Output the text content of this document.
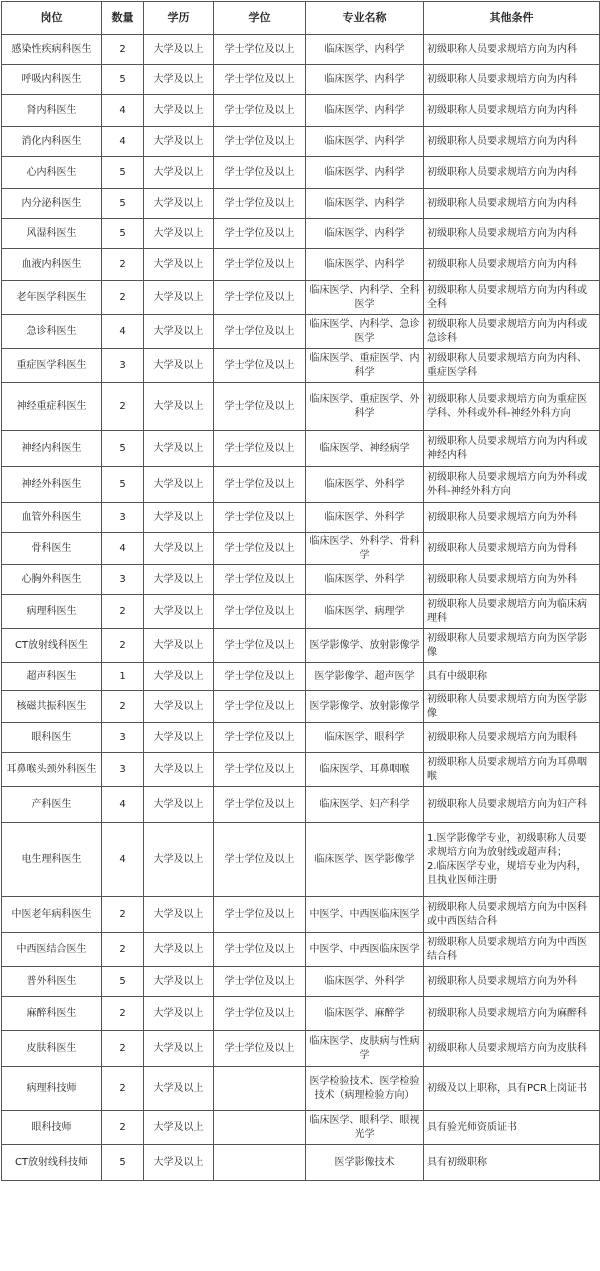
岗位	数量	学历	学位	专业名称	其他条件
感染性疾病科医生	2	大学及以上	学士学位及以上	临床医学、内科学	初级职称人员要求规培方向为内科
呼吸内科医生	5	大学及以上	学士学位及以上	临床医学、内科学	初级职称人员要求规培方向为内科
肾内科医生	4	大学及以上	学士学位及以上	临床医学、内科学	初级职称人员要求规培方向为内科
消化内科医生	4	大学及以上	学士学位及以上	临床医学、内科学	初级职称人员要求规培方向为内科
心内科医生	5	大学及以上	学士学位及以上	临床医学、内科学	初级职称人员要求规培方向为内科
内分泌科医生	5	大学及以上	学士学位及以上	临床医学、内科学	初级职称人员要求规培方向为内科
风湿科医生	5	大学及以上	学士学位及以上	临床医学、内科学	初级职称人员要求规培方向为内科
血液内科医生	2	大学及以上	学士学位及以上	临床医学、内科学	初级职称人员要求规培方向为内科
老年医学科医生	2	大学及以上	学士学位及以上	临床医学、内科学、全科医学	初级职称人员要求规培方向为内科或全科
急诊科医生	4	大学及以上	学士学位及以上	临床医学、内科学、急诊医学	初级职称人员要求规培方向为内科或急诊科
重症医学科医生	3	大学及以上	学士学位及以上	临床医学、重症医学、内科学	初级职称人员要求规培方向为内科、重症医学科
神经重症科医生	2	大学及以上	学士学位及以上	临床医学、重症医学、外科学	初级职称人员要求规培方向为重症医学科、外科或外科-神经外科方向
神经内科医生	5	大学及以上	学士学位及以上	临床医学、神经病学	初级职称人员要求规培方向为内科或神经内科
神经外科医生	5	大学及以上	学士学位及以上	临床医学、外科学	初级职称人员要求规培方向为外科或外科-神经外科方向
血管外科医生	3	大学及以上	学士学位及以上	临床医学、外科学	初级职称人员要求规培方向为外科
骨科医生	4	大学及以上	学士学位及以上	临床医学、外科学、骨科学	初级职称人员要求规培方向为骨科
心胸外科医生	3	大学及以上	学士学位及以上	临床医学、外科学	初级职称人员要求规培方向为外科
病理科医生	2	大学及以上	学士学位及以上	临床医学、病理学	初级职称人员要求规培方向为临床病理科
CT放射线科医生	2	大学及以上	学士学位及以上	医学影像学、放射影像学	初级职称人员要求规培方向为医学影像
超声科医生	1	大学及以上	学士学位及以上	医学影像学、超声医学	具有中级职称
核磁共振科医生	2	大学及以上	学士学位及以上	医学影像学、放射影像学	初级职称人员要求规培方向为医学影像
眼科医生	3	大学及以上	学士学位及以上	临床医学、眼科学	初级职称人员要求规培方向为眼科
耳鼻喉头颈外科医生	3	大学及以上	学士学位及以上	临床医学、耳鼻咽喉	初级职称人员要求规培方向为耳鼻咽喉
产科医生	4	大学及以上	学士学位及以上	临床医学、妇产科学	初级职称人员要求规培方向为妇产科
电生理科医生	4	大学及以上	学士学位及以上	临床医学、医学影像学	1.医学影像学专业，初级职称人员要求规培方向为放射线或超声科；
2.临床医学专业，规培专业为内科，且执业医师注册
中医老年病科医生	2	大学及以上	学士学位及以上	中医学、中西医临床医学	初级职称人员要求规培方向为中医科或中西医结合科
中西医结合医生	2	大学及以上	学士学位及以上	中医学、中西医临床医学	初级职称人员要求规培方向为中西医结合科
普外科医生	5	大学及以上	学士学位及以上	临床医学、外科学	初级职称人员要求规培方向为外科
麻醉科医生	2	大学及以上	学士学位及以上	临床医学、麻醉学	初级职称人员要求规培方向为麻醉科
皮肤科医生	2	大学及以上	学士学位及以上	临床医学、皮肤病与性病学	初级职称人员要求规培方向为皮肤科
病理科技师	2	大学及以上		医学检验技术、医学检验技术（病理检验方向）	初级及以上职称，具有PCR上岗证书
眼科技师	2	大学及以上		临床医学、眼科学、眼视光学	具有验光师资质证书
CT放射线科技师	5	大学及以上		医学影像技术	具有初级职称
